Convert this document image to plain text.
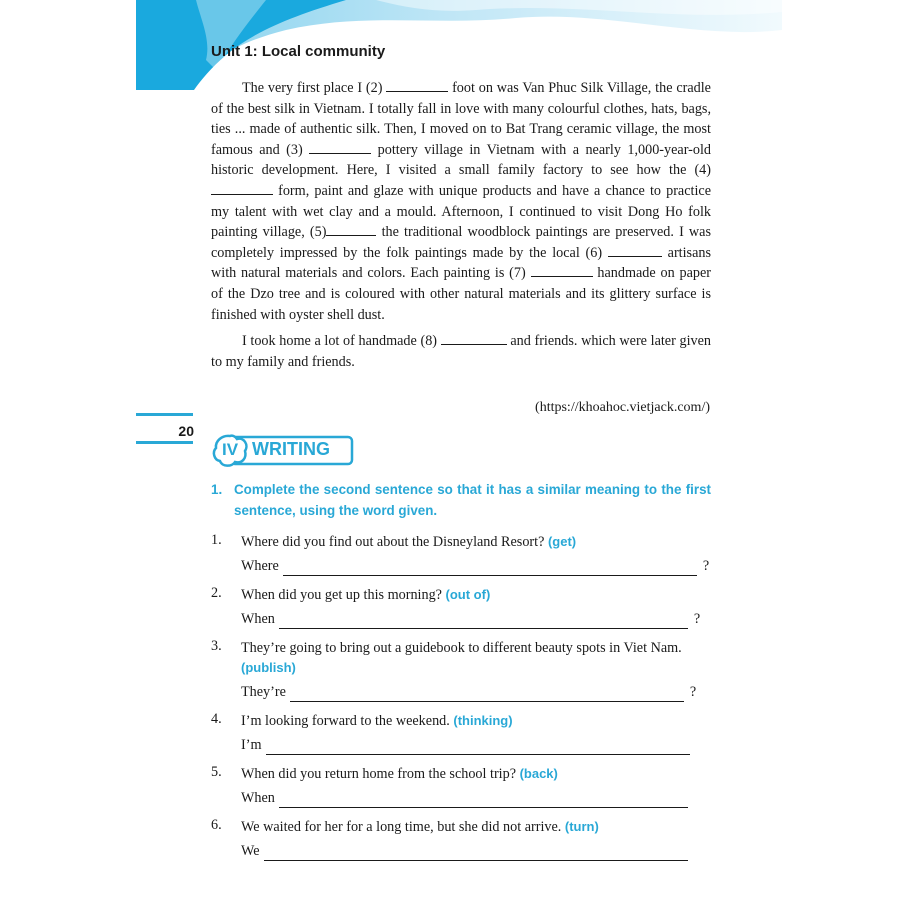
Unit 1: Local community

The very first place I (2)	foot on was Van Phuc Silk Village, the cradle of the best silk in Vietnam. I totally fall in love with many colourful clothes, hats, bags, ties ... made of authentic silk. Then, I moved on to Bat Trang ceramic village, the most famous and (3)	pottery village in Vietnam with a nearly 1,000-year-old historic development. Here, I visited a small family factory to see how the (4)  form, paint and glaze with unique products and have a chance to practice my talent with wet clay and a mould. Afternoon, I continued to visit Dong Ho folk painting village, (5)	the traditional woodblock paintings are preserved. I was completely impressed by the folk paintings made by the local (6)	artisans with natural materials and colors. Each painting is (7)	handmade on paper of the Dzo tree and is coloured with other natural materials and its glittery surface is finished with oyster shell dust.

I took home a lot of handmade (8)	and friends. which were later given to my family and friends.

(https://khoahoc.vietjack.com/)
20
IV WRITING
1. Complete the second sentence so that it has a similar meaning to the first sentence, using the word given.
1. Where did you find out about the Disneyland Resort? (get)
Where	?
2. When did you get up this morning? (out of)
When	?
3. They’re going to bring out a guidebook to different beauty spots in Viet Nam. (publish)
They’re	?
4. I’m looking forward to the weekend. (thinking)
I’m
5. When did you return home from the school trip? (back)
When
6. We waited for her for a long time, but she did not arrive. (turn)
We
